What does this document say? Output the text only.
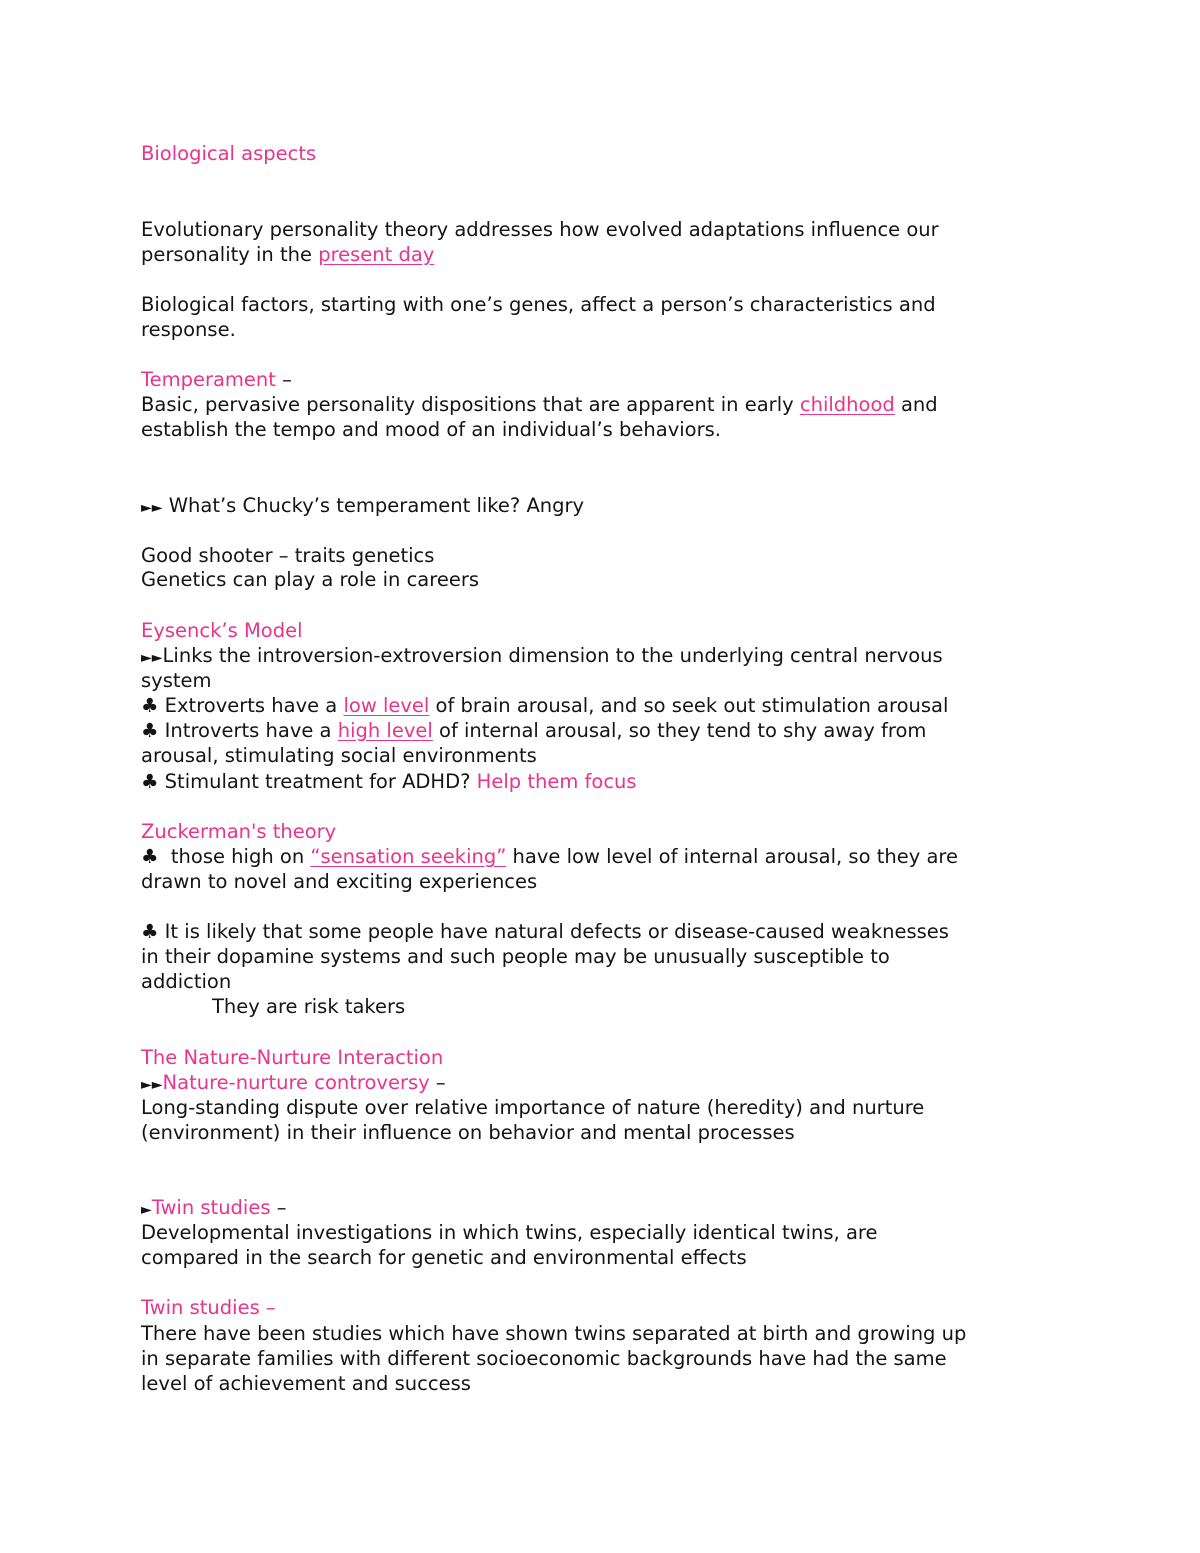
Biological aspects
Evolutionary personality theory addresses how evolved adaptations influence our
personality in the present day
Biological factors, starting with one’s genes, affect a person’s characteristics and
response.
Temperament –
Basic, pervasive personality dispositions that are apparent in early childhood and
establish the tempo and mood of an individual’s behaviors.
►► What’s Chucky’s temperament like? Angry
Good shooter – traits genetics
Genetics can play a role in careers
Eysenck’s Model
►►Links the introversion-extroversion dimension to the underlying central nervous
system
♣ Extroverts have a low level of brain arousal, and so seek out stimulation arousal
♣ Introverts have a high level of internal arousal, so they tend to shy away from
arousal, stimulating social environments
♣ Stimulant treatment for ADHD? Help them focus
Zuckerman's theory
♣  those high on “sensation seeking” have low level of internal arousal, so they are
drawn to novel and exciting experiences
♣ It is likely that some people have natural defects or disease-caused weaknesses
in their dopamine systems and such people may be unusually susceptible to
addiction
They are risk takers
The Nature-Nurture Interaction
►►Nature-nurture controversy –
Long-standing dispute over relative importance of nature (heredity) and nurture
(environment) in their influence on behavior and mental processes
►Twin studies –
Developmental investigations in which twins, especially identical twins, are
compared in the search for genetic and environmental effects
Twin studies –
There have been studies which have shown twins separated at birth and growing up
in separate families with different socioeconomic backgrounds have had the same
level of achievement and success
